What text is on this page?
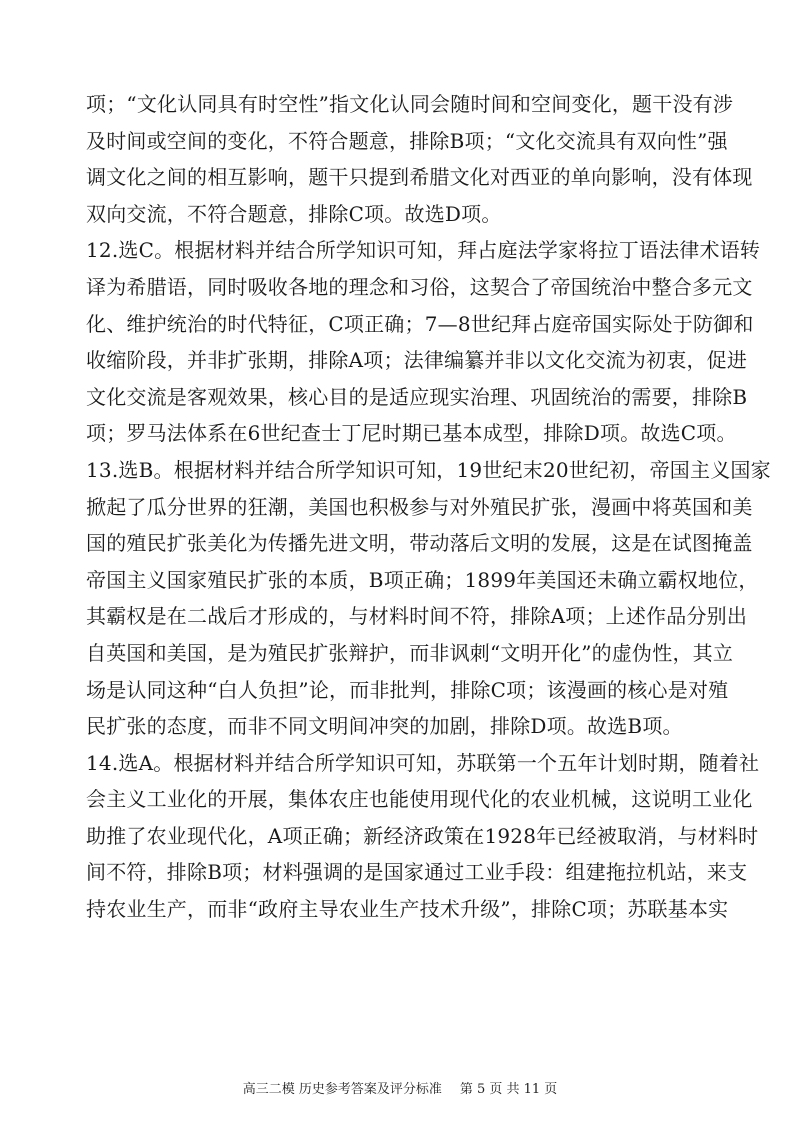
项；“文化认同具有时空性”指文化认同会随时间和空间变化，题干没有涉
及时间或空间的变化，不符合题意，排除B项；“文化交流具有双向性”强
调文化之间的相互影响，题干只提到希腊文化对西亚的单向影响，没有体现
双向交流，不符合题意，排除C项。故选D项。
12.选C。根据材料并结合所学知识可知，拜占庭法学家将拉丁语法律术语转
译为希腊语，同时吸收各地的理念和习俗，这契合了帝国统治中整合多元文
化、维护统治的时代特征，C项正确；7—8世纪拜占庭帝国实际处于防御和
收缩阶段，并非扩张期，排除A项；法律编纂并非以文化交流为初衷，促进
文化交流是客观效果，核心目的是适应现实治理、巩固统治的需要，排除B
项；罗马法体系在6世纪查士丁尼时期已基本成型，排除D项。故选C项。
13.选B。根据材料并结合所学知识可知，19世纪末20世纪初，帝国主义国家
掀起了瓜分世界的狂潮，美国也积极参与对外殖民扩张，漫画中将英国和美
国的殖民扩张美化为传播先进文明，带动落后文明的发展，这是在试图掩盖
帝国主义国家殖民扩张的本质，B项正确；1899年美国还未确立霸权地位，
其霸权是在二战后才形成的，与材料时间不符，排除A项；上述作品分别出
自英国和美国，是为殖民扩张辩护，而非讽刺“文明开化”的虚伪性，其立
场是认同这种“白人负担”论，而非批判，排除C项；该漫画的核心是对殖
民扩张的态度，而非不同文明间冲突的加剧，排除D项。故选B项。
14.选A。根据材料并结合所学知识可知，苏联第一个五年计划时期，随着社
会主义工业化的开展，集体农庄也能使用现代化的农业机械，这说明工业化
助推了农业现代化，A项正确；新经济政策在1928年已经被取消，与材料时
间不符，排除B项；材料强调的是国家通过工业手段：组建拖拉机站，来支
持农业生产，而非“政府主导农业生产技术升级”，排除C项；苏联基本实
高三二模 历史参考答案及评分标准 第 5 页 共 11 页
